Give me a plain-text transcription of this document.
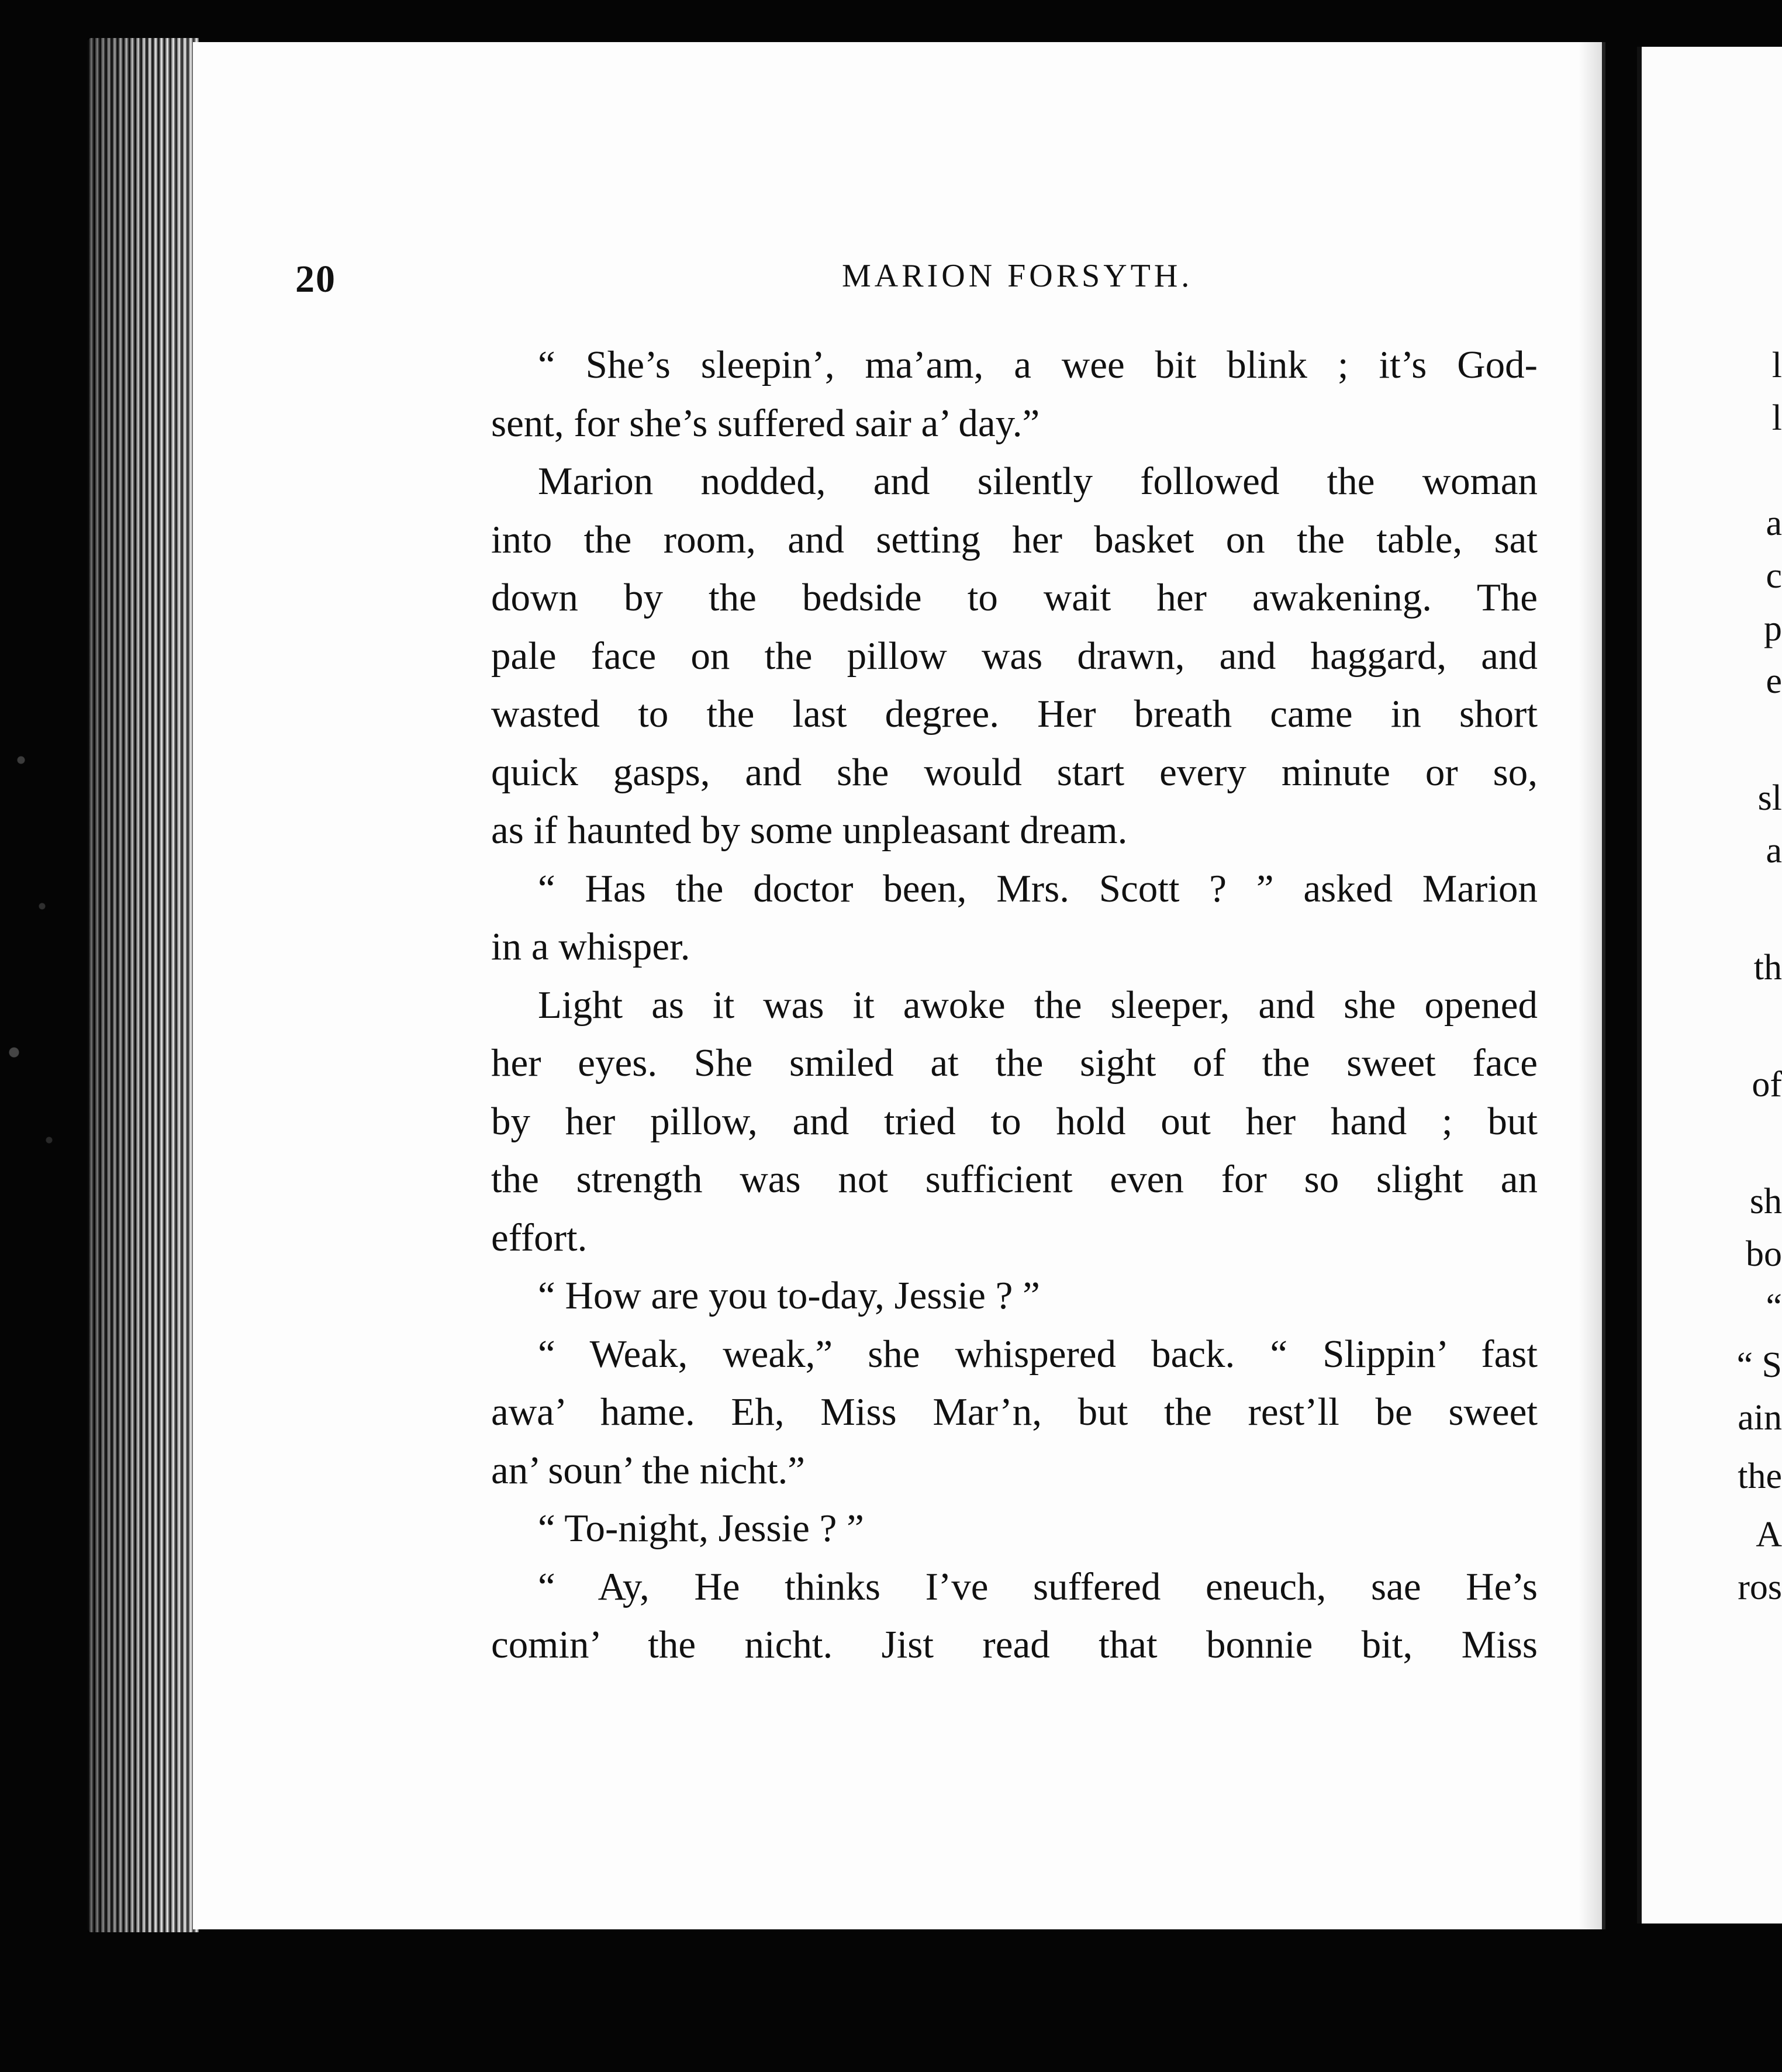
20	MARION FORSYTH.
“ She’s sleepin’, ma’am, a wee bit blink ; it’s God-
sent, for she’s suffered sair a’ day.”
Marion nodded, and silently followed the woman
into the room, and setting her basket on the table, sat
down by the bedside to wait her awakening. The
pale face on the pillow was drawn, and haggard, and
wasted to the last degree. Her breath came in short
quick gasps, and she would start every minute or so,
as if haunted by some unpleasant dream.
“ Has the doctor been, Mrs. Scott ? ” asked Marion
in a whisper.
Light as it was it awoke the sleeper, and she opened
her eyes. She smiled at the sight of the sweet face
by her pillow, and tried to hold out her hand ; but
the strength was not sufficient even for so slight an
effort.
“ How are you to-day, Jessie ? ”
“ Weak, weak,” she whispered back. “ Slippin’ fast
awa’ hame. Eh, Miss Mar’n, but the rest’ll be sweet
an’ soun’ the nicht.”
“ To-night, Jessie ? ”
“ Ay, He thinks I’ve suffered eneuch, sae He’s
comin’ the nicht. Jist read that bonnie bit, Miss
l
l
a
c
p
e
sl
a
th
of
sh
bo
“
“ S
ain
the
A
ros
